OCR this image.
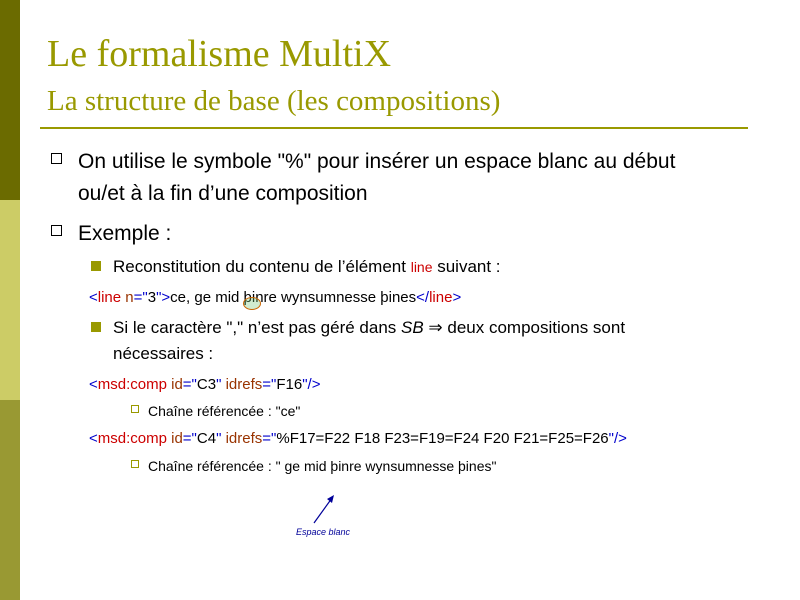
Le formalisme MultiX
La structure de base (les compositions)
On utilise le symbole "%" pour insérer un espace blanc au début
ou/et à la fin d’une composition
Exemple :
Reconstitution du contenu de l’élément line suivant :
<line n="3">ce, ge mid þinre wynsumnesse þines</line>
Si le caractère "," n’est pas géré dans SB ⇒ deux compositions sont
nécessaires :
<msd:comp id="C3" idrefs="F16"/>
Chaîne référencée : "ce"
<msd:comp id="C4" idrefs="%F17=F22 F18 F23=F19=F24 F20 F21=F25=F26"/>
Chaîne référencée : " ge mid þinre wynsumnesse þines"
Espace blanc
